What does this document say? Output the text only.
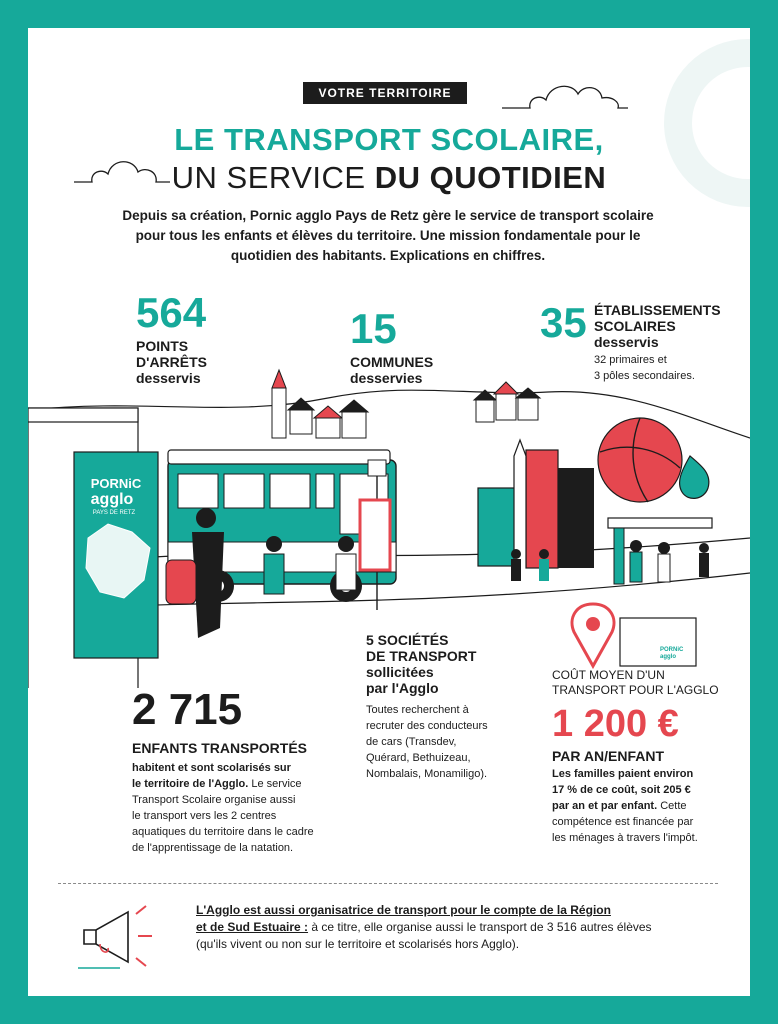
VOTRE TERRITOIRE
LE TRANSPORT SCOLAIRE,
UN SERVICE DU QUOTIDIEN
Depuis sa création, Pornic agglo Pays de Retz gère le service de transport scolaire pour tous les enfants et élèves du territoire. Une mission fondamentale pour le quotidien des habitants. Explications en chiffres.
564
POINTS
D'ARRÊTS
desservis
15
COMMUNES
desservies
35 ÉTABLISSEMENTS
SCOLAIRES
desservis
32 primaires et
3 pôles secondaires.
PORNiC
agglo
PAYS DE RETZ
PORNiC
agglo
2 715
ENFANTS TRANSPORTÉS
habitent et sont scolarisés sur
le territoire de l'Agglo. Le service
Transport Scolaire organise aussi
le transport vers les 2 centres
aquatiques du territoire dans le cadre
de l'apprentissage de la natation.
5 SOCIÉTÉS
DE TRANSPORT
sollicitées
par l'Agglo
Toutes recherchent à
recruter des conducteurs
de cars (Transdev,
Quérard, Bethuizeau,
Nombalais, Monamiligo).
COÛT MOYEN D'UN
TRANSPORT POUR L'AGGLO
1 200 €
PAR AN/ENFANT
Les familles paient environ
17 % de ce coût, soit 205 €
par an et par enfant. Cette
compétence est financée par
les ménages à travers l'impôt.
L'Agglo est aussi organisatrice de transport pour le compte de la Région
et de Sud Estuaire : à ce titre, elle organise aussi le transport de 3 516 autres élèves
(qu'ils vivent ou non sur le territoire et scolarisés hors Agglo).
